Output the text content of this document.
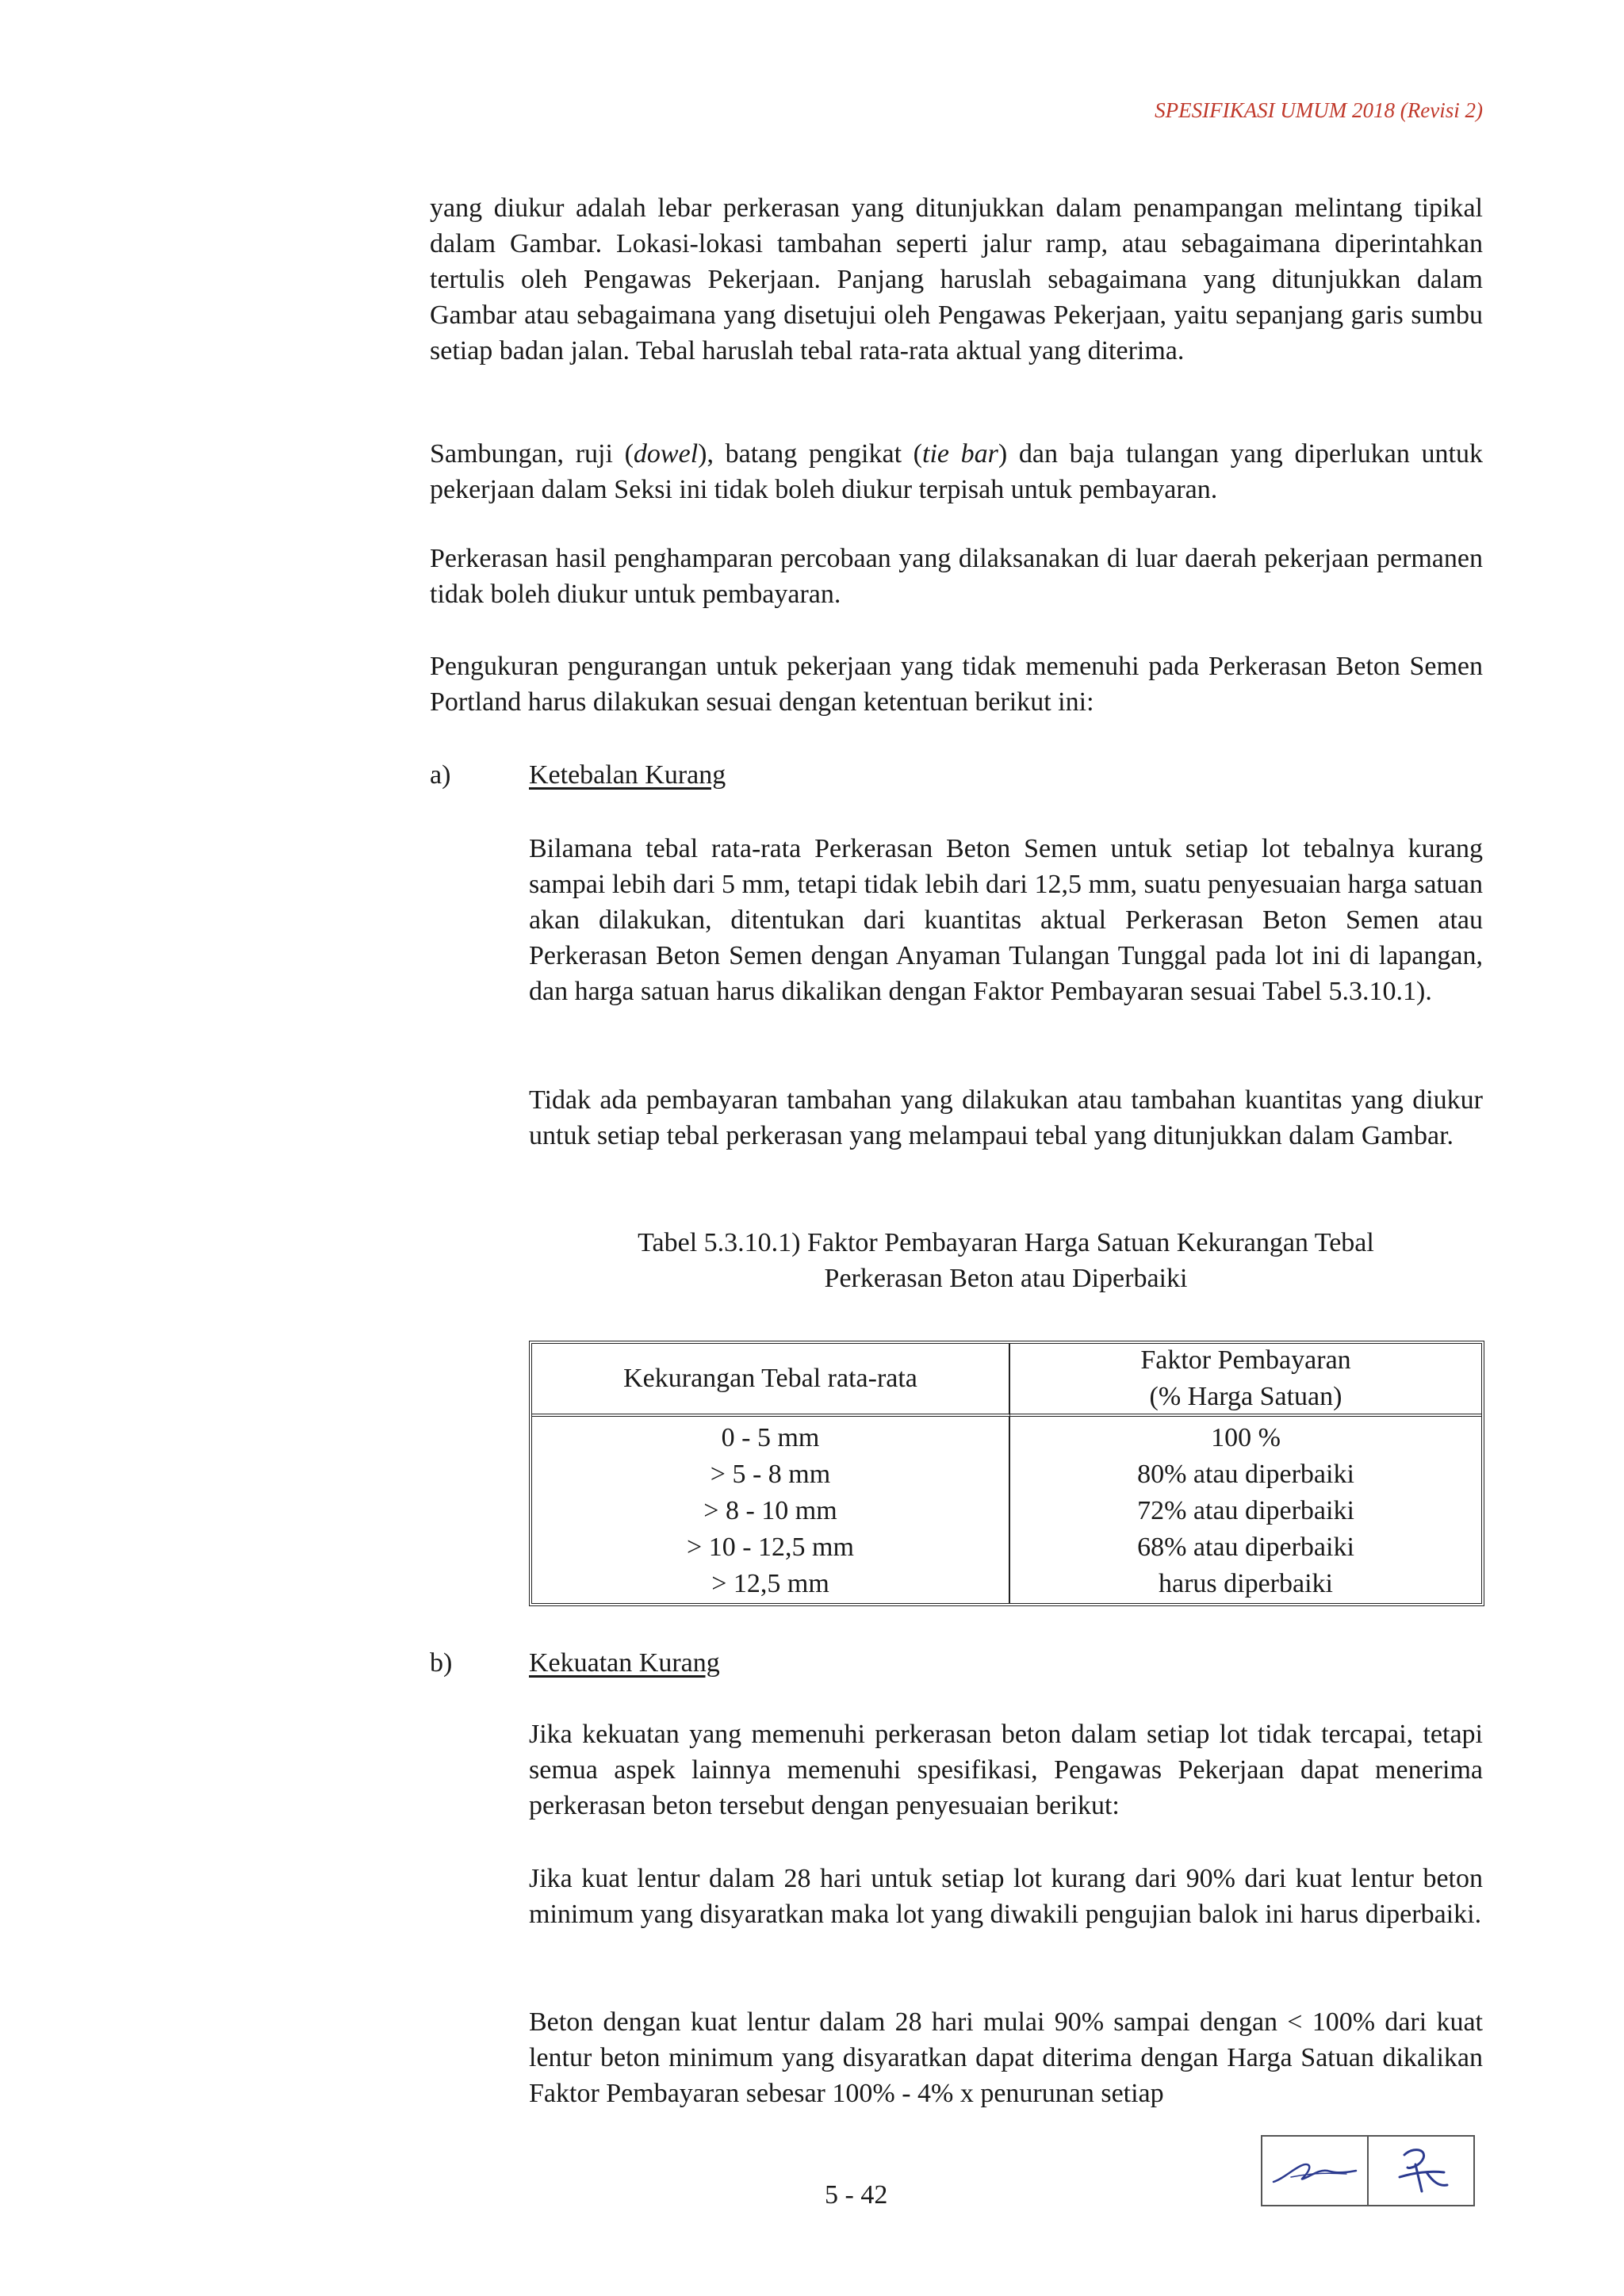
SPESIFIKASI UMUM 2018 (Revisi 2)
yang diukur adalah lebar perkerasan yang ditunjukkan dalam penampangan melintang tipikal dalam Gambar. Lokasi-lokasi tambahan seperti jalur ramp, atau sebagaimana diperintahkan tertulis oleh Pengawas Pekerjaan. Panjang haruslah sebagaimana yang ditunjukkan dalam Gambar atau sebagaimana yang disetujui oleh Pengawas Pekerjaan, yaitu sepanjang garis sumbu setiap badan jalan. Tebal haruslah tebal rata-rata aktual yang diterima.
Sambungan, ruji (dowel), batang pengikat (tie bar) dan baja tulangan yang diperlukan untuk pekerjaan dalam Seksi ini tidak boleh diukur terpisah untuk pembayaran.
Perkerasan hasil penghamparan percobaan yang dilaksanakan di luar daerah pekerjaan permanen tidak boleh diukur untuk pembayaran.
Pengukuran pengurangan untuk pekerjaan yang tidak memenuhi pada Perkerasan Beton Semen Portland harus dilakukan sesuai dengan ketentuan berikut ini:
a)	Ketebalan Kurang
Bilamana tebal rata-rata Perkerasan Beton Semen untuk setiap lot tebalnya kurang sampai lebih dari 5 mm, tetapi tidak lebih dari 12,5 mm, suatu penyesuaian harga satuan akan dilakukan, ditentukan dari kuantitas aktual Perkerasan Beton Semen atau Perkerasan Beton Semen dengan Anyaman Tulangan Tunggal pada lot ini di lapangan, dan harga satuan harus dikalikan dengan Faktor Pembayaran sesuai Tabel 5.3.10.1).
Tidak ada pembayaran tambahan yang dilakukan atau tambahan kuantitas yang diukur untuk setiap tebal perkerasan yang melampaui tebal yang ditunjukkan dalam Gambar.
Tabel 5.3.10.1) Faktor Pembayaran Harga Satuan Kekurangan Tebal
Perkerasan Beton atau Diperbaiki
Kekurangan Tebal rata-rata
Faktor Pembayaran
(% Harga Satuan)
0 - 5 mm
> 5 - 8 mm
> 8 - 10 mm
> 10 - 12,5 mm
> 12,5 mm
100 %
80% atau diperbaiki
72% atau diperbaiki
68% atau diperbaiki
harus diperbaiki
b)	Kekuatan Kurang
Jika kekuatan yang memenuhi perkerasan beton dalam setiap lot tidak tercapai, tetapi semua aspek lainnya memenuhi spesifikasi, Pengawas Pekerjaan dapat menerima perkerasan beton tersebut dengan penyesuaian berikut:
Jika kuat lentur dalam 28 hari untuk setiap lot kurang dari 90% dari kuat lentur beton minimum yang disyaratkan maka lot yang diwakili pengujian balok ini harus diperbaiki.
Beton dengan kuat lentur dalam 28 hari mulai 90% sampai dengan < 100% dari kuat lentur beton minimum yang disyaratkan dapat diterima dengan Harga Satuan dikalikan Faktor Pembayaran sebesar 100% - 4% x penurunan setiap
5 - 42
